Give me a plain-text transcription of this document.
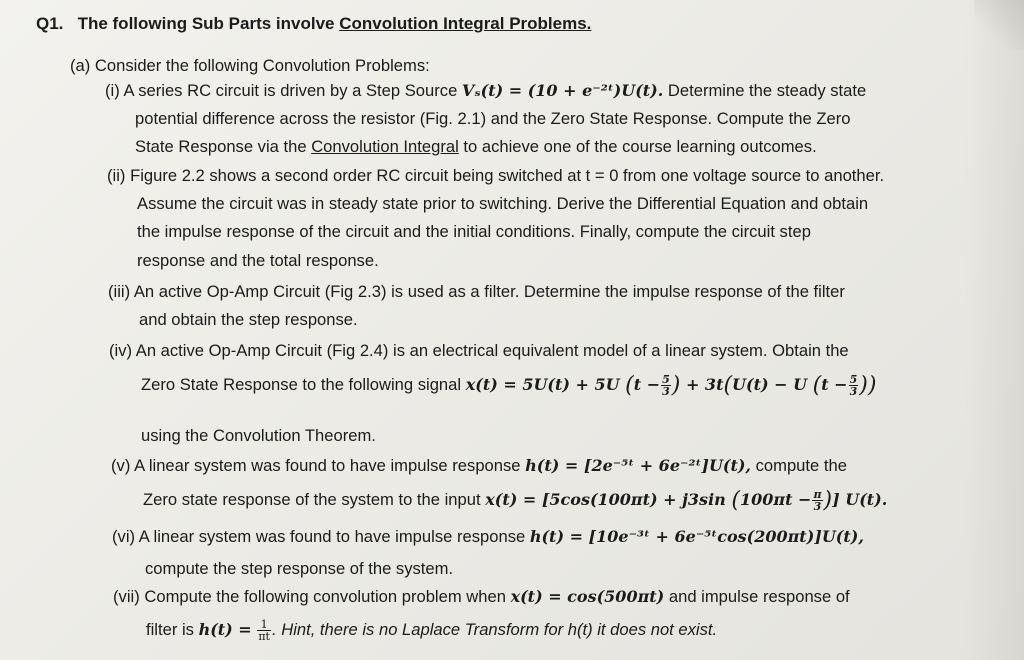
Q1. The following Sub Parts involve Convolution Integral Problems.
(a) Consider the following Convolution Problems:
(i) A series RC circuit is driven by a Step Source Vₛ(t) = (10 + e⁻²ᵗ)U(t). Determine the steady state
potential difference across the resistor (Fig. 2.1) and the Zero State Response. Compute the Zero
State Response via the Convolution Integral to achieve one of the course learning outcomes.
(ii) Figure 2.2 shows a second order RC circuit being switched at t = 0 from one voltage source to another.
Assume the circuit was in steady state prior to switching. Derive the Differential Equation and obtain
the impulse response of the circuit and the initial conditions. Finally, compute the circuit step
response and the total response.
(iii) An active Op-Amp Circuit (Fig 2.3) is used as a filter. Determine the impulse response of the filter
and obtain the step response.
(iv) An active Op-Amp Circuit (Fig 2.4) is an electrical equivalent model of a linear system. Obtain the
Zero State Response to the following signal x(t) = 5U(t) + 5U ($t - \frac{5}{3}$ ) + 3t(U(t) − U ($t - \frac{5}{3}$ ))
using the Convolution Theorem.
(v) A linear system was found to have impulse response h(t) = [2e⁻⁵ᵗ + 6e⁻²ᵗ]U(t), compute the
Zero state response of the system to the input x(t) = [5cos(100πt) + j3sin ($100\pi t - \frac{\pi}{3}$ )] U(t).
(vi) A linear system was found to have impulse response h(t) = [10e⁻³ᵗ + 6e⁻⁵ᵗcos(200πt)]U(t),
compute the step response of the system.
(vii) Compute the following convolution problem when x(t) = cos(500πt) and impulse response of
filter is $h(t) = \frac{1}{\pi t}$ . Hint, there is no Laplace Transform for h(t) it does not exist.
